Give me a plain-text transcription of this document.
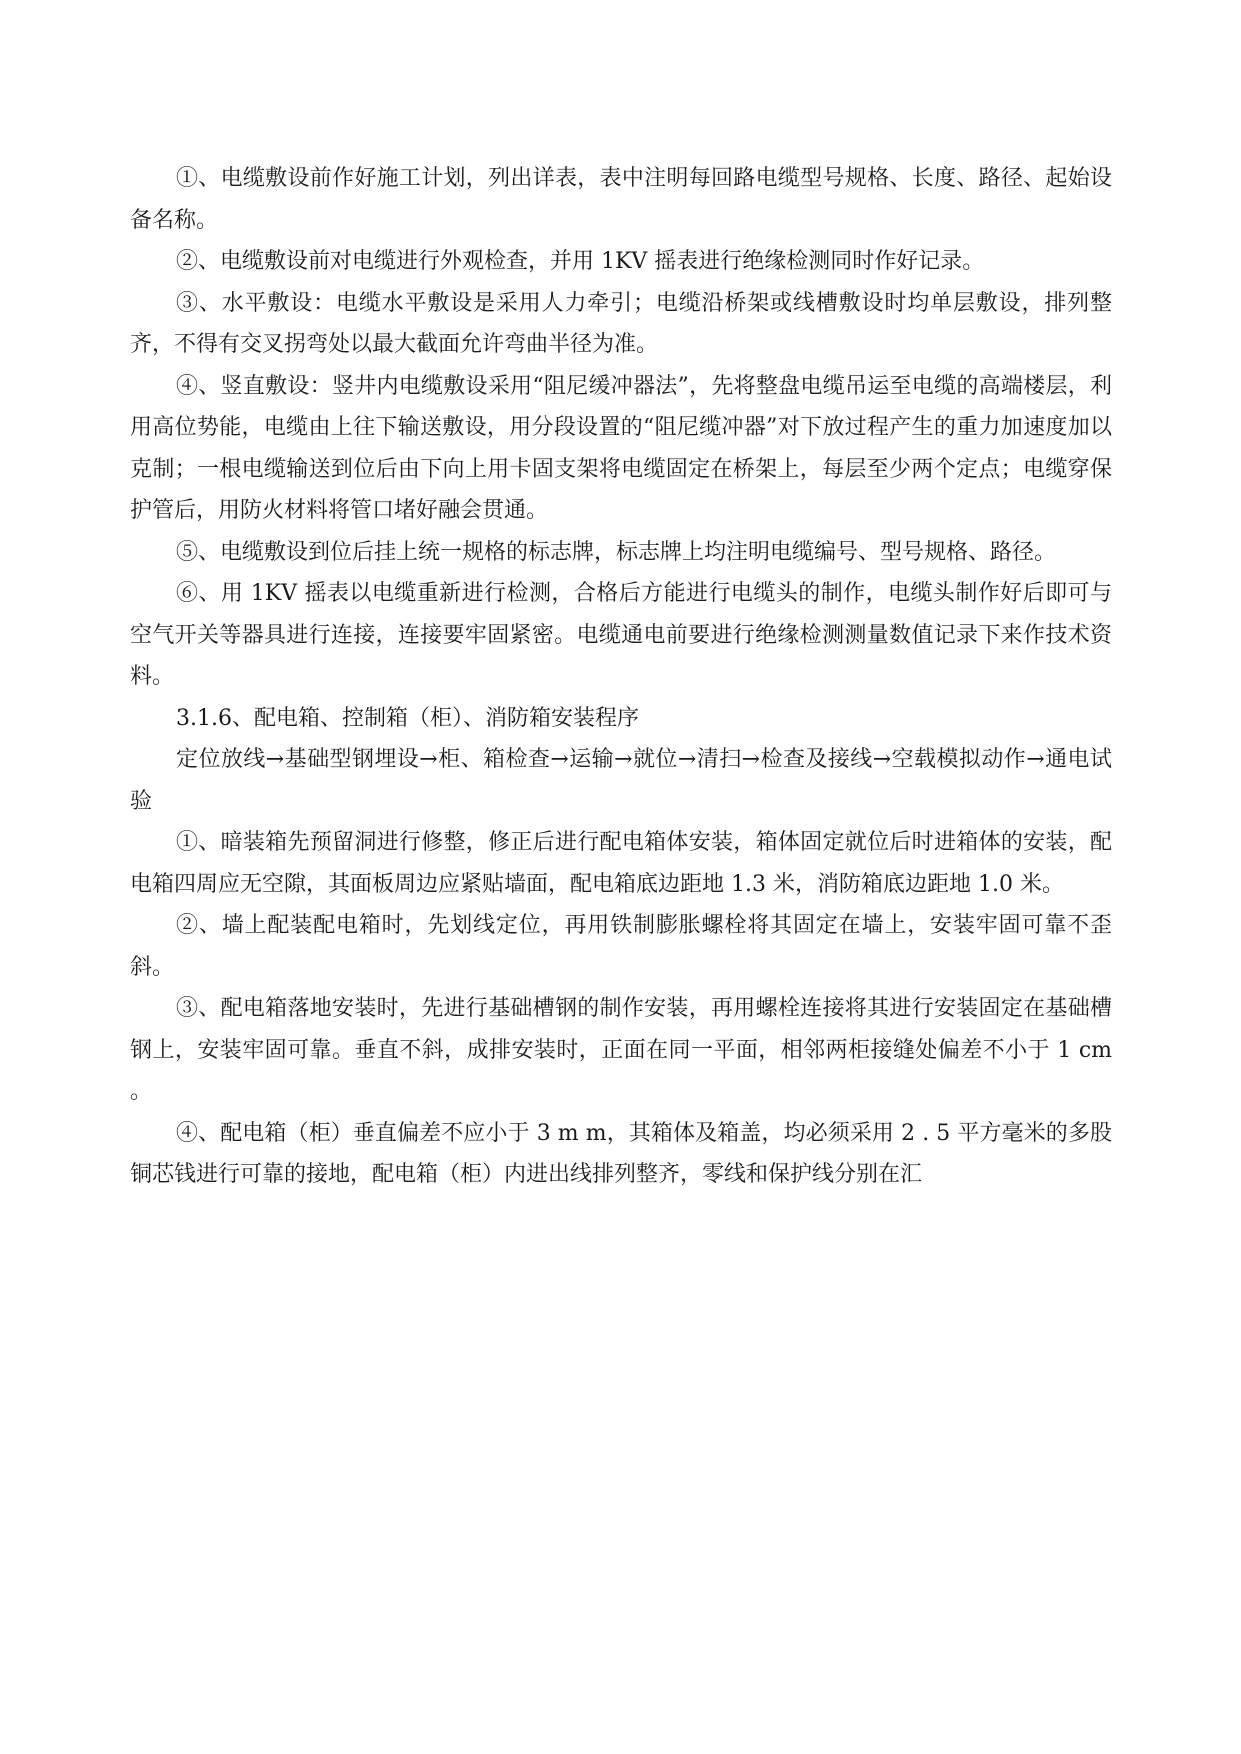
①、电缆敷设前作好施工计划，列出详表，表中注明每回路电缆型号规格、长度、路径、起始设备名称。

②、电缆敷设前对电缆进行外观检查，并用 1KV 摇表进行绝缘检测同时作好记录。

③、水平敷设：电缆水平敷设是采用人力牵引；电缆沿桥架或线槽敷设时均单层敷设，排列整齐，不得有交叉拐弯处以最大截面允许弯曲半径为准。

④、竖直敷设：竖井内电缆敷设采用“阻尼缓冲器法”，先将整盘电缆吊运至电缆的高端楼层，利用高位势能，电缆由上往下输送敷设，用分段设置的“阻尼缆冲器”对下放过程产生的重力加速度加以克制；一根电缆输送到位后由下向上用卡固支架将电缆固定在桥架上，每层至少两个定点；电缆穿保护管后，用防火材料将管口堵好融会贯通。

⑤、电缆敷设到位后挂上统一规格的标志牌，标志牌上均注明电缆编号、型号规格、路径。

⑥、用 1KV 摇表以电缆重新进行检测，合格后方能进行电缆头的制作，电缆头制作好后即可与空气开关等器具进行连接，连接要牢固紧密。电缆通电前要进行绝缘检测测量数值记录下来作技术资料。

3.1.6、配电箱、控制箱（柜）、消防箱安装程序

定位放线→基础型钢埋设→柜、箱检查→运输→就位→清扫→检查及接线→空载模拟动作→通电试验

①、暗装箱先预留洞进行修整，修正后进行配电箱体安装，箱体固定就位后时进箱体的安装，配电箱四周应无空隙，其面板周边应紧贴墙面，配电箱底边距地 1.3 米，消防箱底边距地 1.0 米。

②、墙上配装配电箱时，先划线定位，再用铁制膨胀螺栓将其固定在墙上，安装牢固可靠不歪斜。

③、配电箱落地安装时，先进行基础槽钢的制作安装，再用螺栓连接将其进行安装固定在基础槽钢上，安装牢固可靠。垂直不斜，成排安装时，正面在同一平面，相邻两柜接缝处偏差不小于 1 cm 。

④、配电箱（柜）垂直偏差不应小于 3 m m，其箱体及箱盖，均必须采用 2 . 5 平方毫米的多股铜芯钱进行可靠的接地，配电箱（柜）内进出线排列整齐，零线和保护线分别在汇
